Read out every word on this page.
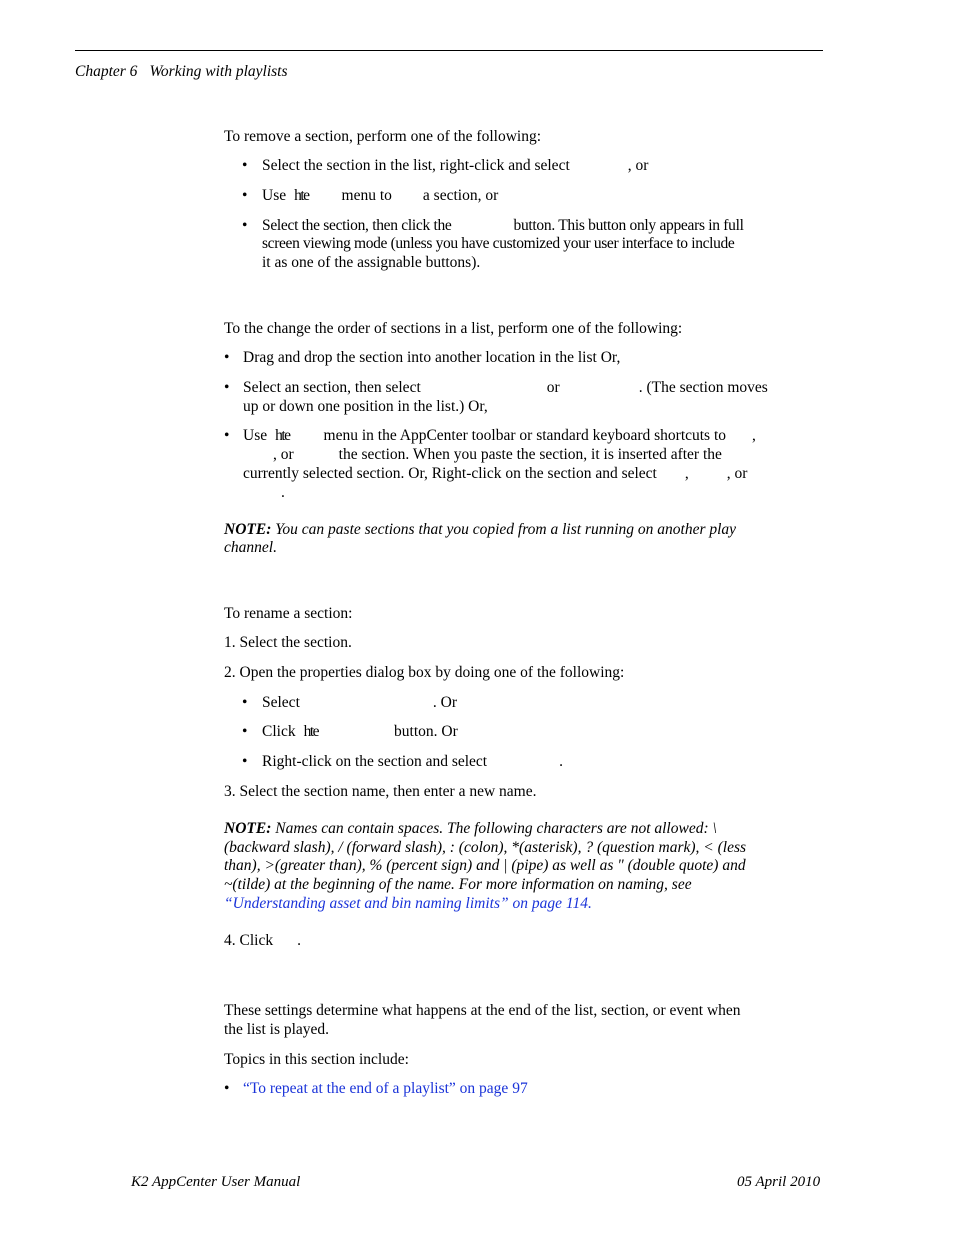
Chapter 6 Working with playlists
To remove a section, perform one of the following:
• Select the section in the list, right-click and select	, or
• Use hte menu to a section, or
• Select the section, then click the	button. This button only appears in full
screen viewing mode (unless you have customized your user interface to include
it as one of the assignable buttons).
To the change the order of sections in a list, perform one of the following:
• Drag and drop the section into another location in the list Or,
• Select an section, then select	or	. (The section moves
up or down one position in the list.) Or,
• Use hte menu in the AppCenter toolbar or standard keyboard shortcuts to ,
, or	the section. When you paste the section, it is inserted after the
currently selected section. Or, Right-click on the section and select , , or
.
NOTE: You can paste sections that you copied from a list running on another play
channel.
To rename a section:
1. Select the section.
2. Open the properties dialog box by doing one of the following:
• Select	. Or
• Click hte	button. Or
• Right-click on the section and select	.
3. Select the section name, then enter a new name.
NOTE: Names can contain spaces. The following characters are not allowed: \
(backward slash), / (forward slash), : (colon), *(asterisk), ? (question mark), < (less
than), >(greater than), % (percent sign) and | (pipe) as well as " (double quote) and
~(tilde) at the beginning of the name. For more information on naming, see
“Understanding asset and bin naming limits” on page 114.
4. Click .
These settings determine what happens at the end of the list, section, or event when
the list is played.
Topics in this section include:
• “To repeat at the end of a playlist” on page 97
K2 AppCenter User Manual	05 April 2010
